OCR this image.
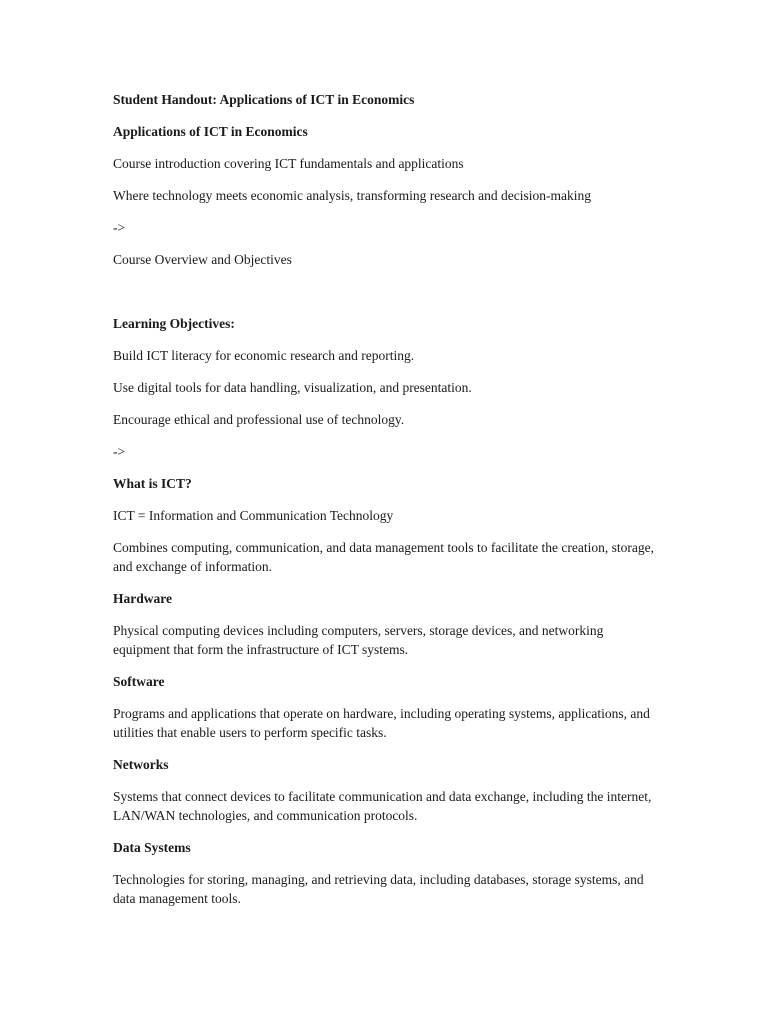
Student Handout: Applications of ICT in Economics

Applications of ICT in Economics

Course introduction covering ICT fundamentals and applications

Where technology meets economic analysis, transforming research and decision-making

->

Course Overview and Objectives

Learning Objectives:

Build ICT literacy for economic research and reporting.

Use digital tools for data handling, visualization, and presentation.

Encourage ethical and professional use of technology.

->

What is ICT?

ICT = Information and Communication Technology

Combines computing, communication, and data management tools to facilitate the creation, storage, and exchange of information.

Hardware

Physical computing devices including computers, servers, storage devices, and networking equipment that form the infrastructure of ICT systems.

Software

Programs and applications that operate on hardware, including operating systems, applications, and utilities that enable users to perform specific tasks.

Networks

Systems that connect devices to facilitate communication and data exchange, including the internet, LAN/WAN technologies, and communication protocols.

Data Systems

Technologies for storing, managing, and retrieving data, including databases, storage systems, and data management tools.
